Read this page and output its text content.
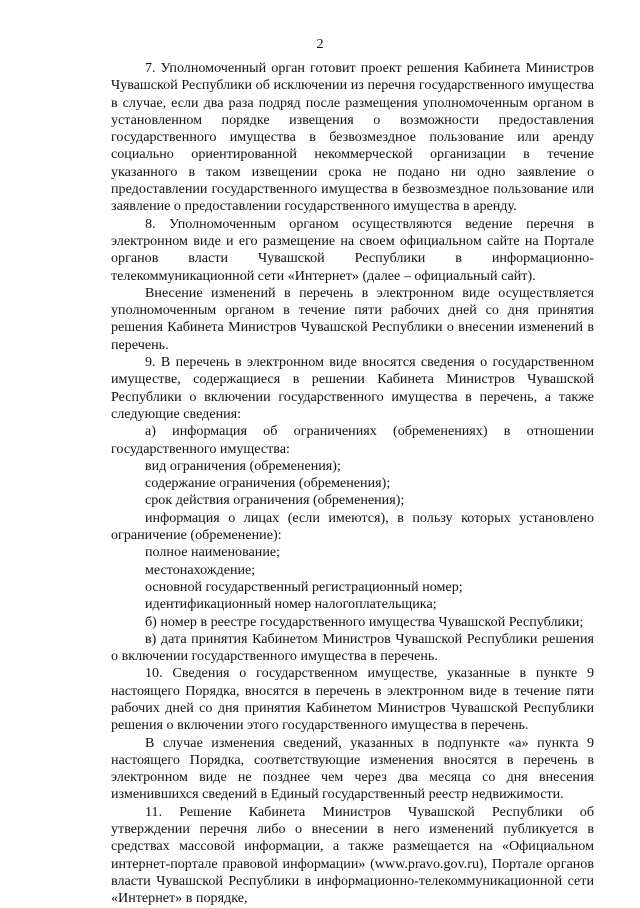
2

7. Уполномоченный орган готовит проект решения Кабинета Министров Чувашской Республики об исключении из перечня государственного имущества в случае, если два раза подряд после размещения уполномоченным органом в установленном порядке извещения о возможности предоставления государственного имущества в безвозмездное пользование или аренду социально ориентированной некоммерческой организации в течение указанного в таком извещении срока не подано ни одно заявление о предоставлении государственного имущества в безвозмездное пользование или заявление о предоставлении государственного имущества в аренду.

8. Уполномоченным органом осуществляются ведение перечня в электронном виде и его размещение на своем официальном сайте на Портале органов власти Чувашской Республики в информационно-телекоммуникационной сети «Интернет» (далее – официальный сайт).

Внесение изменений в перечень в электронном виде осуществляется уполномоченным органом в течение пяти рабочих дней со дня принятия решения Кабинета Министров Чувашской Республики о внесении изменений в перечень.

9. В перечень в электронном виде вносятся сведения о государственном имуществе, содержащиеся в решении Кабинета Министров Чувашской Республики о включении государственного имущества в перечень, а также следующие сведения:

а) информация об ограничениях (обременениях) в отношении государственного имущества:

вид ограничения (обременения);

содержание ограничения (обременения);

срок действия ограничения (обременения);

информация о лицах (если имеются), в пользу которых установлено ограничение (обременение):

полное наименование;

местонахождение;

основной государственный регистрационный номер;

идентификационный номер налогоплательщика;

б) номер в реестре государственного имущества Чувашской Республики;

в) дата принятия Кабинетом Министров Чувашской Республики решения о включении государственного имущества в перечень.

10. Сведения о государственном имуществе, указанные в пункте 9 настоящего Порядка, вносятся в перечень в электронном виде в течение пяти рабочих дней со дня принятия Кабинетом Министров Чувашской Республики решения о включении этого государственного имущества в перечень.

В случае изменения сведений, указанных в подпункте «а» пункта 9 настоящего Порядка, соответствующие изменения вносятся в перечень в электронном виде не позднее чем через два месяца со дня внесения изменившихся сведений в Единый государственный реестр недвижимости.

11. Решение Кабинета Министров Чувашской Республики об утверждении перечня либо о внесении в него изменений публикуется в средствах массовой информации, а также размещается на «Официальном интернет-портале правовой информации» (www.pravo.gov.ru), Портале органов власти Чувашской Республики в информационно-телекоммуникационной сети «Интернет» в порядке,
